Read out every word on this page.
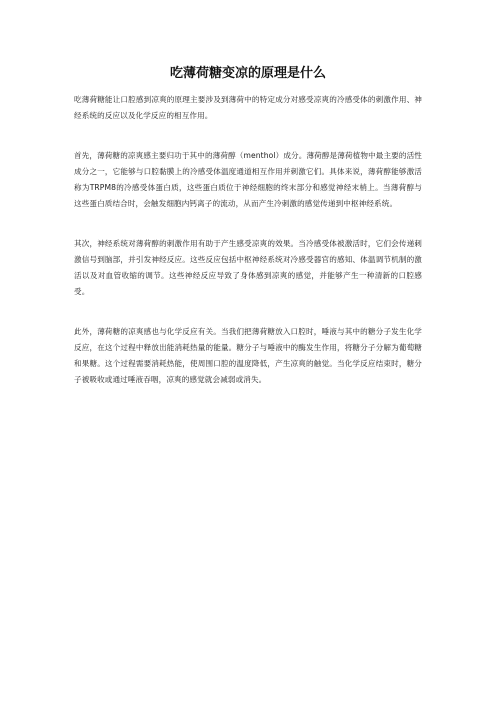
吃薄荷糖变凉的原理是什么

吃薄荷糖能让口腔感到凉爽的原理主要涉及到薄荷中的特定成分对感受凉爽的冷感受体的刺激作用、神经系统的反应以及化学反应的相互作用。

首先，薄荷糖的凉爽感主要归功于其中的薄荷醇（menthol）成分。薄荷醇是薄荷植物中最主要的活性成分之一，它能够与口腔黏膜上的冷感受体温度通道相互作用并刺激它们。具体来说，薄荷醇能够激活称为TRPM8的冷感受体蛋白质，这些蛋白质位于神经细胞的终末部分和感觉神经末梢上。当薄荷醇与这些蛋白质结合时，会触发细胞内钙离子的流动，从而产生冷刺激的感觉传递到中枢神经系统。

其次，神经系统对薄荷醇的刺激作用有助于产生感受凉爽的效果。当冷感受体被激活时，它们会传递刺激信号到脑部，并引发神经反应。这些反应包括中枢神经系统对冷感受器官的感知、体温调节机制的激活以及对血管收缩的调节。这些神经反应导致了身体感到凉爽的感觉，并能够产生一种清新的口腔感受。

此外，薄荷糖的凉爽感也与化学反应有关。当我们把薄荷糖放入口腔时，唾液与其中的糖分子发生化学反应，在这个过程中释放出能消耗热量的能量。糖分子与唾液中的酶发生作用，将糖分子分解为葡萄糖和果糖。这个过程需要消耗热能，使周围口腔的温度降低，产生凉爽的触觉。当化学反应结束时，糖分子被吸收或通过唾液吞咽，凉爽的感觉就会减弱或消失。
